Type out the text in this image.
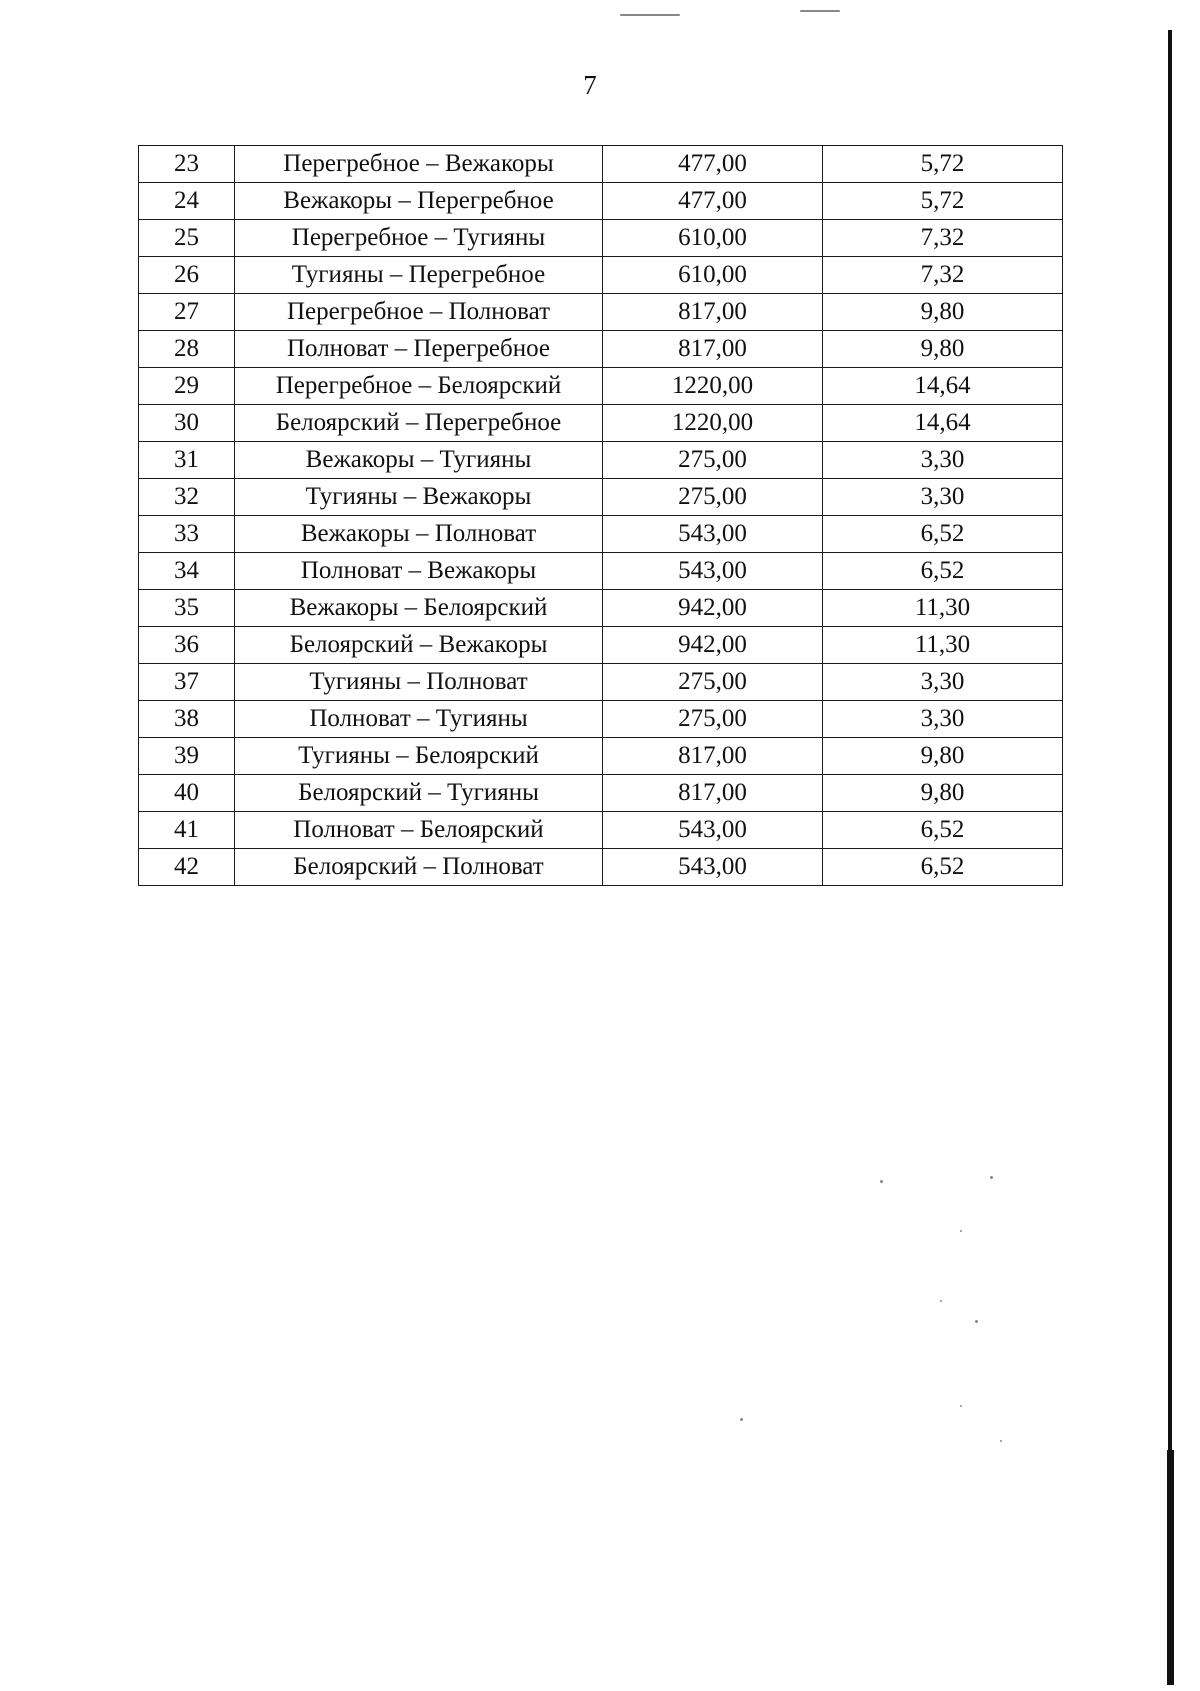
7
23	Перегребное – Вежакоры	477,00	5,72
24	Вежакоры – Перегребное	477,00	5,72
25	Перегребное – Тугияны	610,00	7,32
26	Тугияны – Перегребное	610,00	7,32
27	Перегребное – Полноват	817,00	9,80
28	Полноват – Перегребное	817,00	9,80
29	Перегребное – Белоярский	1220,00	14,64
30	Белоярский – Перегребное	1220,00	14,64
31	Вежакоры – Тугияны	275,00	3,30
32	Тугияны – Вежакоры	275,00	3,30
33	Вежакоры – Полноват	543,00	6,52
34	Полноват – Вежакоры	543,00	6,52
35	Вежакоры – Белоярский	942,00	11,30
36	Белоярский – Вежакоры	942,00	11,30
37	Тугияны – Полноват	275,00	3,30
38	Полноват – Тугияны	275,00	3,30
39	Тугияны – Белоярский	817,00	9,80
40	Белоярский – Тугияны	817,00	9,80
41	Полноват – Белоярский	543,00	6,52
42	Белоярский – Полноват	543,00	6,52
